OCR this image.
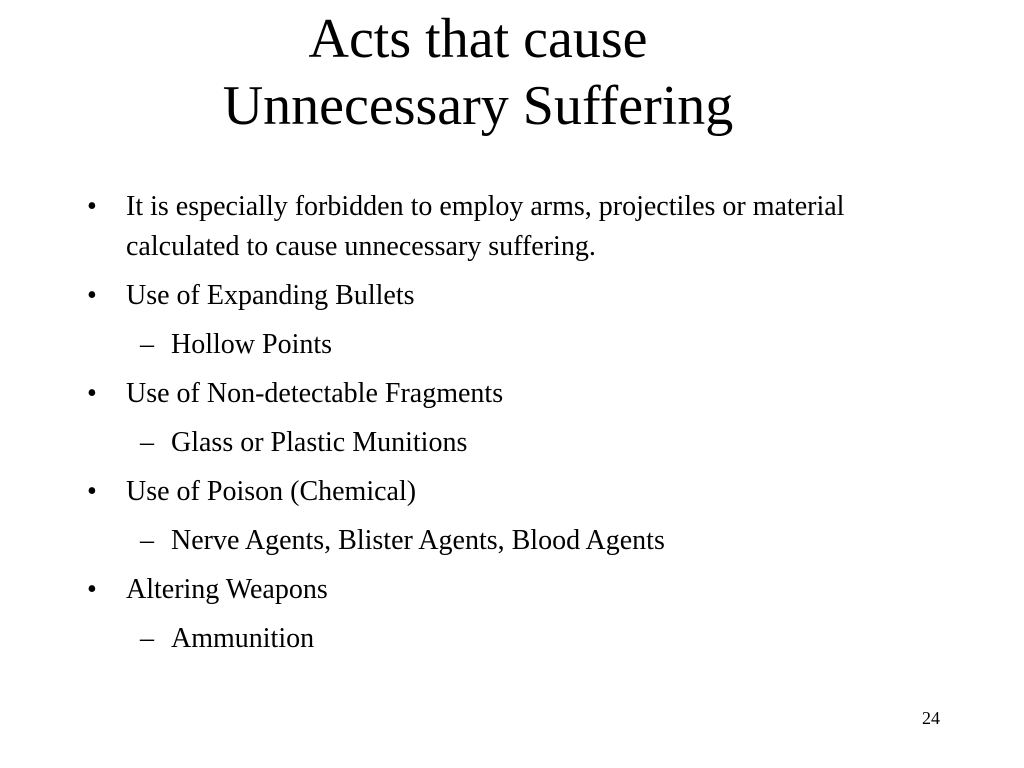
Acts that cause
Unnecessary Suffering
• It is especially forbidden to employ arms, projectiles or material calculated to cause unnecessary suffering.
• Use of Expanding Bullets
– Hollow Points
• Use of Non-detectable Fragments
– Glass or Plastic Munitions
• Use of Poison (Chemical)
– Nerve Agents, Blister Agents, Blood Agents
• Altering Weapons
– Ammunition
24
